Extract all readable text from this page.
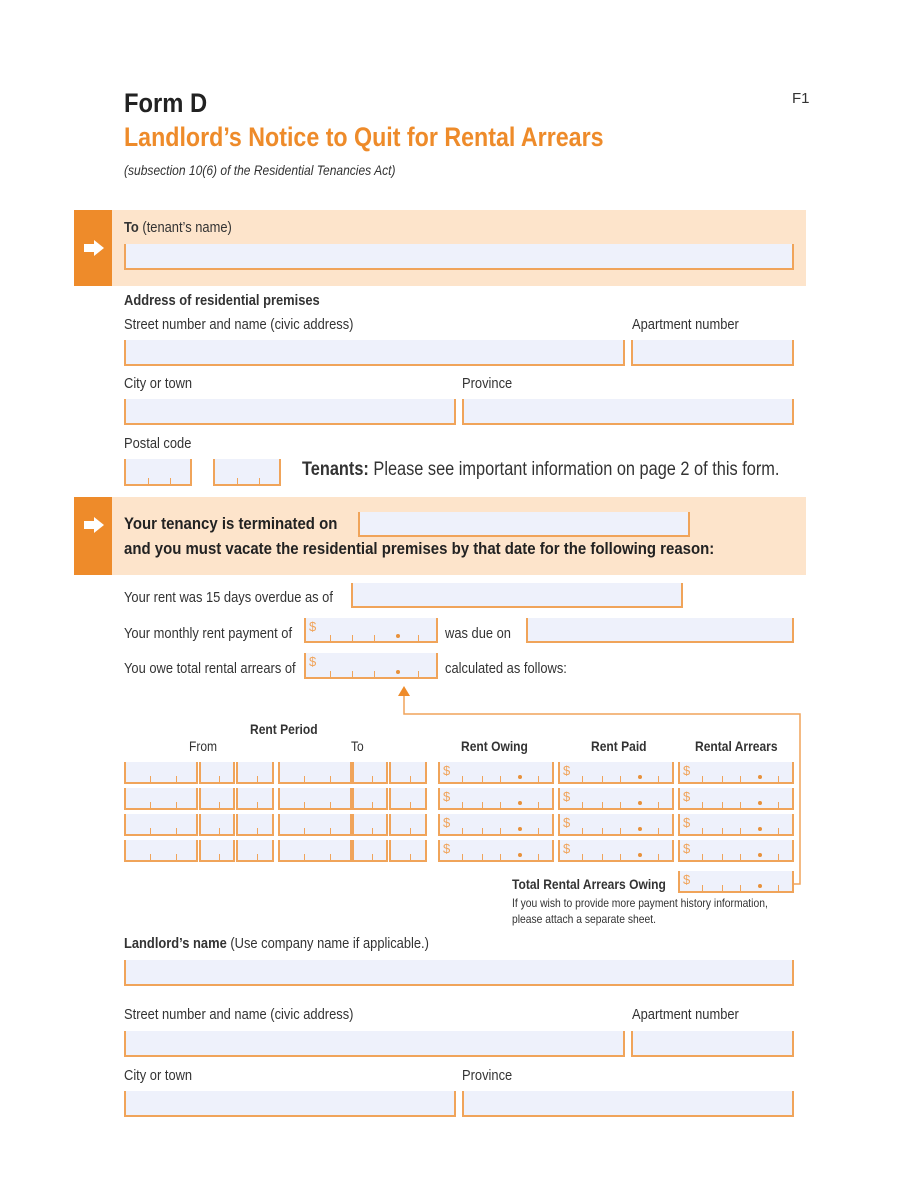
Form D	F1
Landlord’s Notice to Quit for Rental Arrears
(subsection 10(6) of the Residential Tenancies Act)
To (tenant’s name)
Address of residential premises
Street number and name (civic address)	Apartment number
City or town	Province
Postal code
Tenants: Please see important information on page 2 of this form.
Your tenancy is terminated on
and you must vacate the residential premises by that date for the following reason:
Your rent was 15 days overdue as of
Your monthly rent payment of $	was due on
You owe total rental arrears of $	calculated as follows:
Rent Period
From	To	Rent Owing	Rent Paid	Rental Arrears
$	$	$
$	$	$
$	$	$
$	$	$
Total Rental Arrears Owing $
If you wish to provide more payment history information,
please attach a separate sheet.
Landlord’s name (Use company name if applicable.)
Street number and name (civic address)	Apartment number
City or town	Province
